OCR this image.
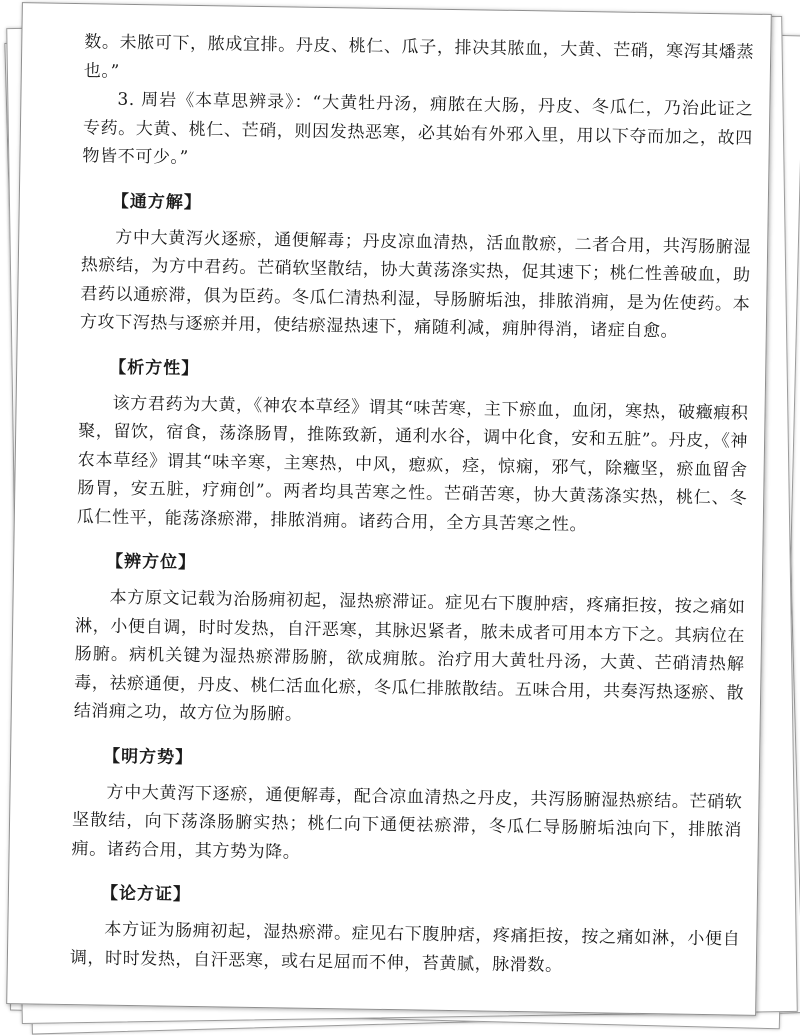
数。未脓可下，脓成宜排。丹皮、桃仁、瓜子，排决其脓血，大黄、芒硝，寒泻其燔蒸也。”

3. 周岩《本草思辨录》：“大黄牡丹汤，痈脓在大肠，丹皮、冬瓜仁，乃治此证之专药。大黄、桃仁、芒硝，则因发热恶寒，必其始有外邪入里，用以下夺而加之，故四物皆不可少。”

【通方解】

方中大黄泻火逐瘀，通便解毒；丹皮凉血清热，活血散瘀，二者合用，共泻肠腑湿热瘀结，为方中君药。芒硝软坚散结，协大黄荡涤实热，促其速下；桃仁性善破血，助君药以通瘀滞，俱为臣药。冬瓜仁清热利湿，导肠腑垢浊，排脓消痈，是为佐使药。本方攻下泻热与逐瘀并用，使结瘀湿热速下，痛随利减，痈肿得消，诸症自愈。

【析方性】

该方君药为大黄，《神农本草经》谓其“味苦寒，主下瘀血，血闭，寒热，破癥瘕积聚，留饮，宿食，荡涤肠胃，推陈致新，通利水谷，调中化食，安和五脏”。丹皮，《神农本草经》谓其“味辛寒，主寒热，中风，瘛疭，痉，惊痫，邪气，除癥坚，瘀血留舍肠胃，安五脏，疗痈创”。两者均具苦寒之性。芒硝苦寒，协大黄荡涤实热，桃仁、冬瓜仁性平，能荡涤瘀滞，排脓消痈。诸药合用，全方具苦寒之性。

【辨方位】

本方原文记载为治肠痈初起，湿热瘀滞证。症见右下腹肿痞，疼痛拒按，按之痛如淋，小便自调，时时发热，自汗恶寒，其脉迟紧者，脓未成者可用本方下之。其病位在肠腑。病机关键为湿热瘀滞肠腑，欲成痈脓。治疗用大黄牡丹汤，大黄、芒硝清热解毒，祛瘀通便，丹皮、桃仁活血化瘀，冬瓜仁排脓散结。五味合用，共奏泻热逐瘀、散结消痈之功，故方位为肠腑。

【明方势】

方中大黄泻下逐瘀，通便解毒，配合凉血清热之丹皮，共泻肠腑湿热瘀结。芒硝软坚散结，向下荡涤肠腑实热；桃仁向下通便祛瘀滞，冬瓜仁导肠腑垢浊向下，排脓消痈。诸药合用，其方势为降。

【论方证】

本方证为肠痈初起，湿热瘀滞。症见右下腹肿痞，疼痛拒按，按之痛如淋，小便自调，时时发热，自汗恶寒，或右足屈而不伸，苔黄腻，脉滑数。
